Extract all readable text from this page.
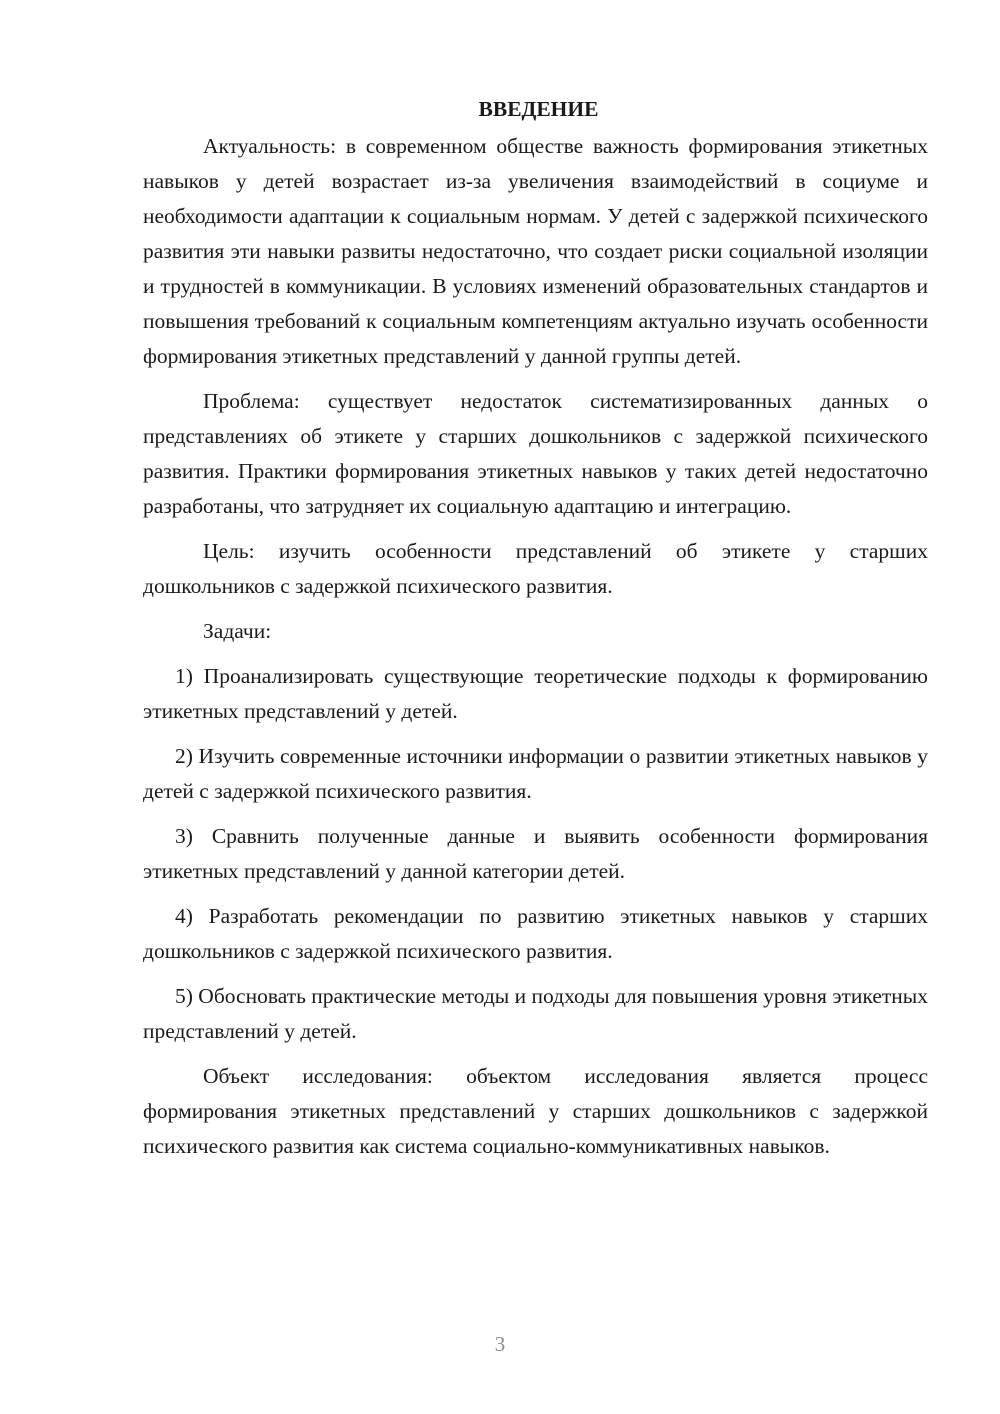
ВВЕДЕНИЕ

Актуальность: в современном обществе важность формирования этикетных навыков у детей возрастает из-за увеличения взаимодействий в социуме и необходимости адаптации к социальным нормам. У детей с задержкой психического развития эти навыки развиты недостаточно, что создает риски социальной изоляции и трудностей в коммуникации. В условиях изменений образовательных стандартов и повышения требований к социальным компетенциям актуально изучать особенности формирования этикетных представлений у данной группы детей.

Проблема: существует недостаток систематизированных данных о представлениях об этикете у старших дошкольников с задержкой психического развития. Практики формирования этикетных навыков у таких детей недостаточно разработаны, что затрудняет их социальную адаптацию и интеграцию.

Цель: изучить особенности представлений об этикете у старших дошкольников с задержкой психического развития.

Задачи:

1) Проанализировать существующие теоретические подходы к формированию этикетных представлений у детей.

2) Изучить современные источники информации о развитии этикетных навыков у детей с задержкой психического развития.

3) Сравнить полученные данные и выявить особенности формирования этикетных представлений у данной категории детей.

4) Разработать рекомендации по развитию этикетных навыков у старших дошкольников с задержкой психического развития.

5) Обосновать практические методы и подходы для повышения уровня этикетных представлений у детей.

Объект исследования: объектом исследования является процесс формирования этикетных представлений у старших дошкольников с задержкой психического развития как система социально-коммуникативных навыков.

3
